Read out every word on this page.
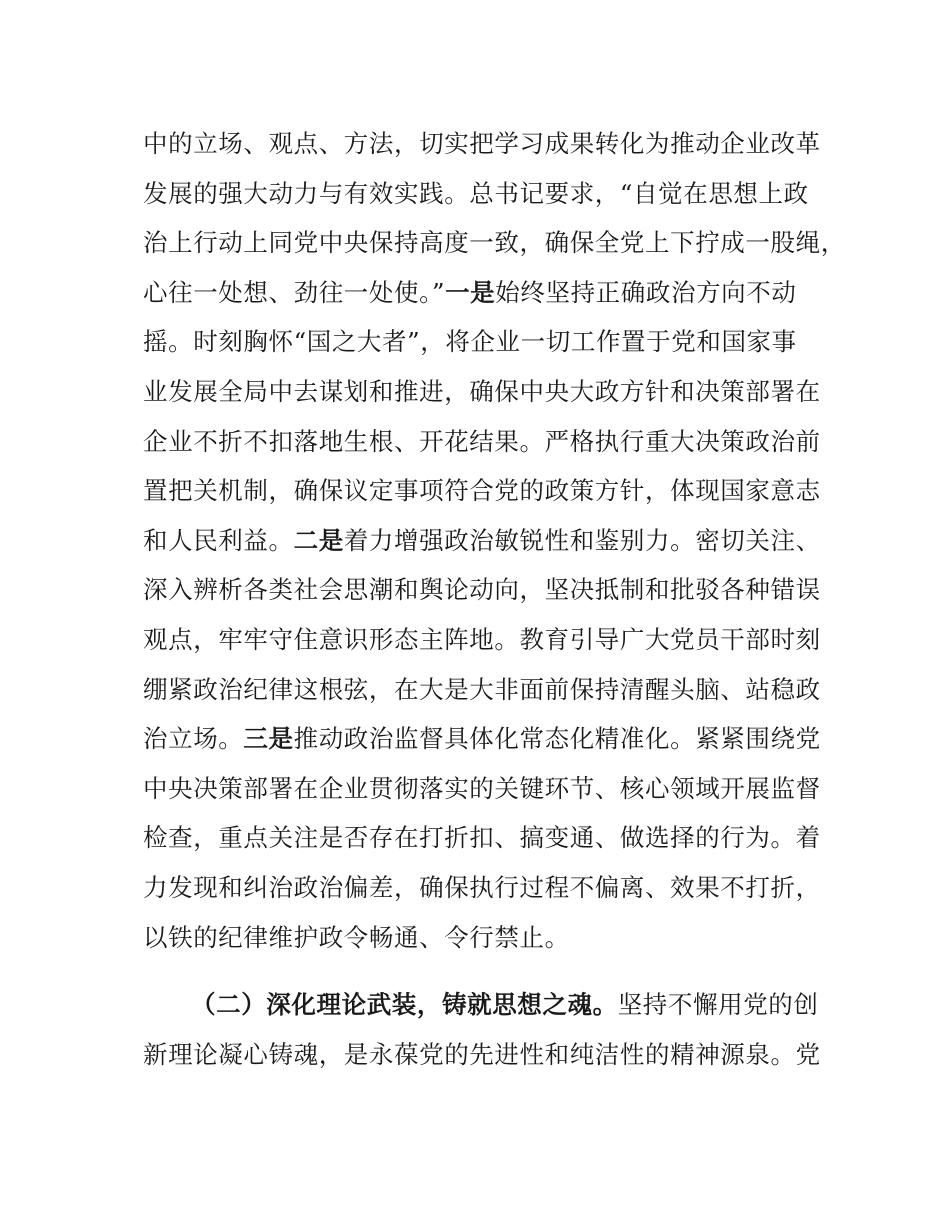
中的立场、观点、方法，切实把学习成果转化为推动企业改革
发展的强大动力与有效实践。总书记要求，“自觉在思想上政
治上行动上同党中央保持高度一致，确保全党上下拧成一股绳，
心往一处想、劲往一处使。”一是始终坚持正确政治方向不动
摇。时刻胸怀“国之大者”，将企业一切工作置于党和国家事
业发展全局中去谋划和推进，确保中央大政方针和决策部署在
企业不折不扣落地生根、开花结果。严格执行重大决策政治前
置把关机制，确保议定事项符合党的政策方针，体现国家意志
和人民利益。二是着力增强政治敏锐性和鉴别力。密切关注、
深入辨析各类社会思潮和舆论动向，坚决抵制和批驳各种错误
观点，牢牢守住意识形态主阵地。教育引导广大党员干部时刻
绷紧政治纪律这根弦，在大是大非面前保持清醒头脑、站稳政
治立场。三是推动政治监督具体化常态化精准化。紧紧围绕党
中央决策部署在企业贯彻落实的关键环节、核心领域开展监督
检查，重点关注是否存在打折扣、搞变通、做选择的行为。着
力发现和纠治政治偏差，确保执行过程不偏离、效果不打折，
以铁的纪律维护政令畅通、令行禁止。
（二）深化理论武装，铸就思想之魂。坚持不懈用党的创
新理论凝心铸魂，是永葆党的先进性和纯洁性的精神源泉。党
